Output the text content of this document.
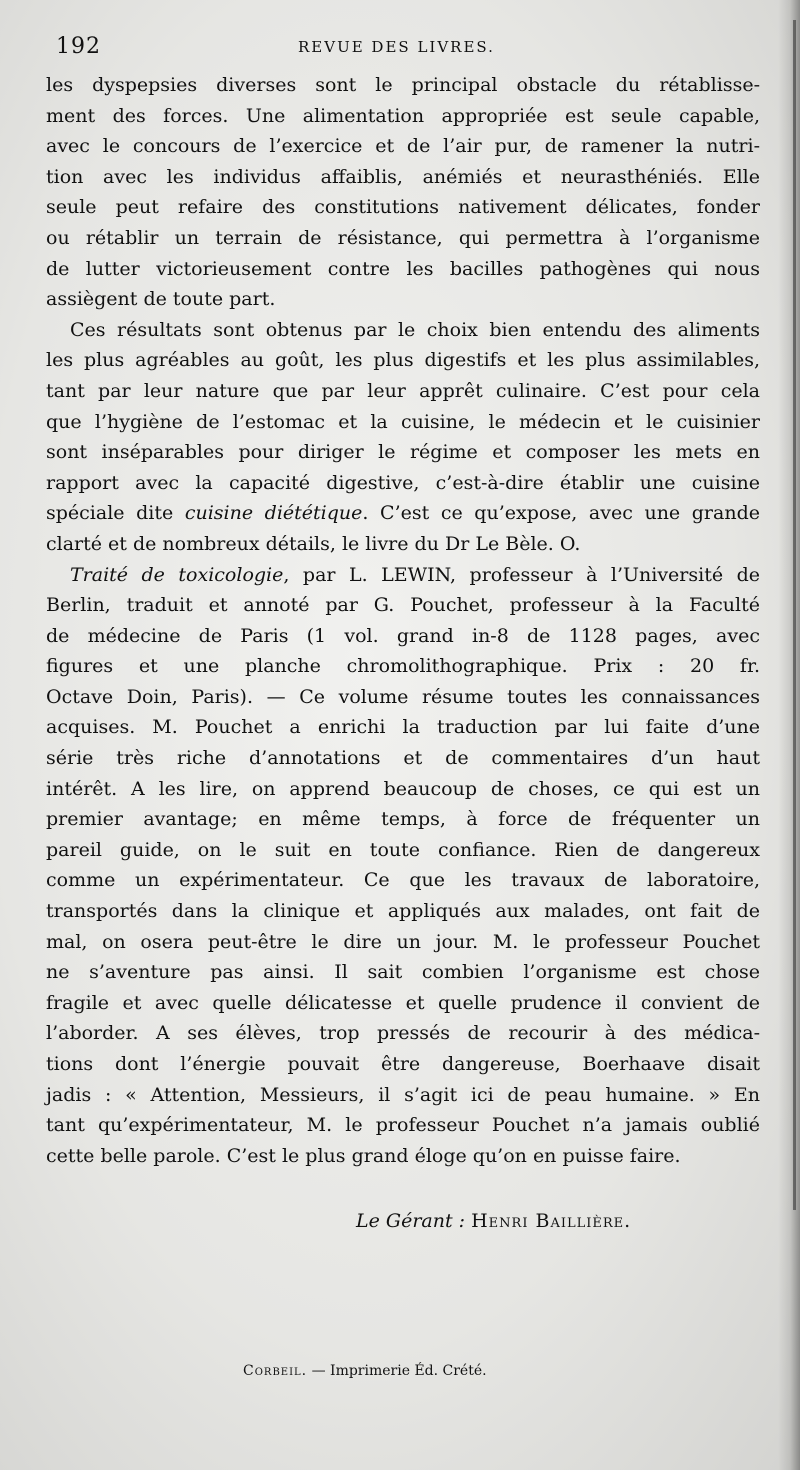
192	REVUE DES LIVRES.
les dyspepsies diverses sont le principal obstacle du rétablisse-
ment des forces. Une alimentation appropriée est seule capable,
avec le concours de l’exercice et de l’air pur, de ramener la nutri-
tion avec les individus affaiblis, anémiés et neurasthéniés. Elle
seule peut refaire des constitutions nativement délicates, fonder
ou rétablir un terrain de résistance, qui permettra à l’organisme
de lutter victorieusement contre les bacilles pathogènes qui nous
assiègent de toute part.
Ces résultats sont obtenus par le choix bien entendu des aliments
les plus agréables au goût, les plus digestifs et les plus assimilables,
tant par leur nature que par leur apprêt culinaire. C’est pour cela
que l’hygiène de l’estomac et la cuisine, le médecin et le cuisinier
sont inséparables pour diriger le régime et composer les mets en
rapport avec la capacité digestive, c’est-à-dire établir une cuisine
spéciale dite cuisine diététique. C’est ce qu’expose, avec une grande
clarté et de nombreux détails, le livre du Dr Le Bèle. O.
Traité de toxicologie, par L. LEWIN, professeur à l’Université de
Berlin, traduit et annoté par G. Pouchet, professeur à la Faculté
de médecine de Paris (1 vol. grand in-8 de 1128 pages, avec
figures et une planche chromolithographique. Prix : 20 fr.
Octave Doin, Paris). — Ce volume résume toutes les connaissances
acquises. M. Pouchet a enrichi la traduction par lui faite d’une
série très riche d’annotations et de commentaires d’un haut
intérêt. A les lire, on apprend beaucoup de choses, ce qui est un
premier avantage; en même temps, à force de fréquenter un
pareil guide, on le suit en toute confiance. Rien de dangereux
comme un expérimentateur. Ce que les travaux de laboratoire,
transportés dans la clinique et appliqués aux malades, ont fait de
mal, on osera peut-être le dire un jour. M. le professeur Pouchet
ne s’aventure pas ainsi. Il sait combien l’organisme est chose
fragile et avec quelle délicatesse et quelle prudence il convient de
l’aborder. A ses élèves, trop pressés de recourir à des médica-
tions dont l’énergie pouvait être dangereuse, Boerhaave disait
jadis : « Attention, Messieurs, il s’agit ici de peau humaine. » En
tant qu’expérimentateur, M. le professeur Pouchet n’a jamais oublié
cette belle parole. C’est le plus grand éloge qu’on en puisse faire.
Le Gérant : Henri Baillière.
Corbeil. — Imprimerie Éd. Crété.
